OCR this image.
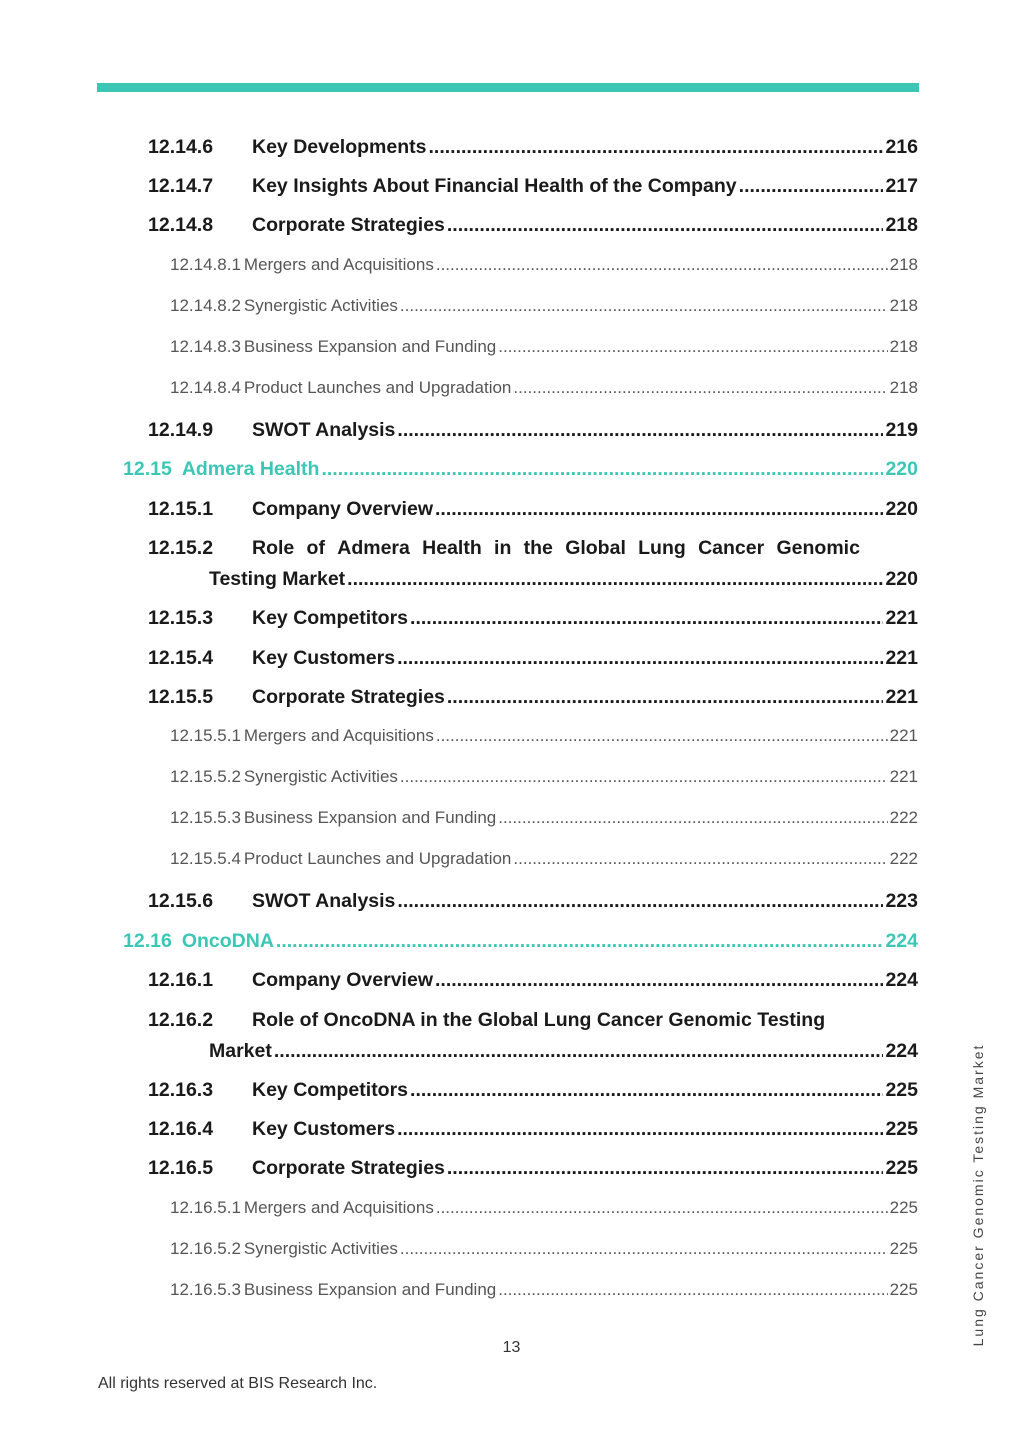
12.14.6 Key Developments .....	216
12.14.7 Key Insights About Financial Health of the Company .....	217
12.14.8 Corporate Strategies .....	218
12.14.8.1 Mergers and Acquisitions .....	218
12.14.8.2 Synergistic Activities .....	218
12.14.8.3 Business Expansion and Funding .....	218
12.14.8.4 Product Launches and Upgradation .....	218
12.14.9 SWOT Analysis .....	219
12.15 Admera Health .....	220
12.15.1 Company Overview .....	220
12.15.2	Role of Admera Health in the Global Lung Cancer Genomic
Testing Market .....	220
12.15.3 Key Competitors .....	221
12.15.4 Key Customers .....	221
12.15.5 Corporate Strategies .....	221
12.15.5.1 Mergers and Acquisitions .....	221
12.15.5.2 Synergistic Activities .....	221
12.15.5.3 Business Expansion and Funding .....	222
12.15.5.4 Product Launches and Upgradation .....	222
12.15.6 SWOT Analysis .....	223
12.16 OncoDNA .....	224
12.16.1 Company Overview .....	224
12.16.2 Role of OncoDNA in the Global Lung Cancer Genomic Testing
Market .....	224
12.16.3 Key Competitors .....	225
12.16.4 Key Customers .....	225
12.16.5 Corporate Strategies .....	225
12.16.5.1 Mergers and Acquisitions .....	225
12.16.5.2 Synergistic Activities .....	225
12.16.5.3 Business Expansion and Funding .....	225
13
All rights reserved at BIS Research Inc.
Lung Cancer Genomic Testing Market
